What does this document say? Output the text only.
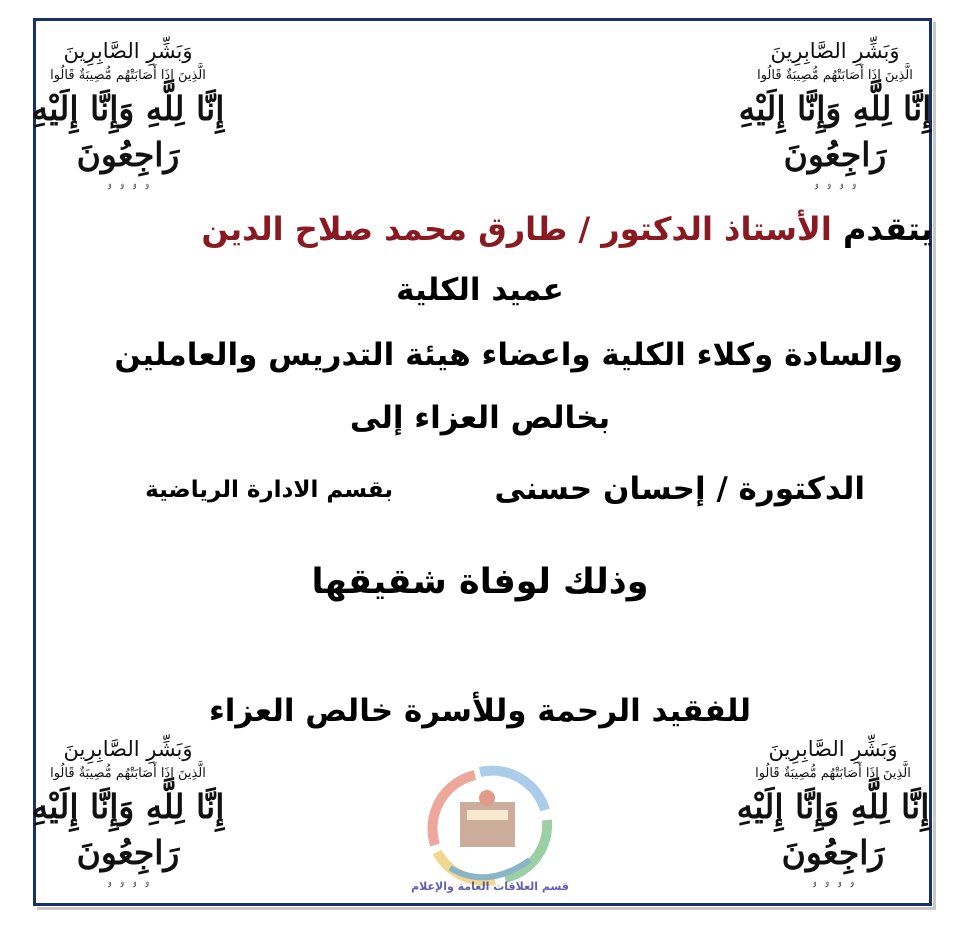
وَبَشِّرِ الصَّابِرِينَ
الَّذِينَ إِذَا أَصَابَتْهُم مُّصِيبَةٌ قَالُوا
إِنَّا لِلَّهِ وَإِنَّا إِلَيْهِ رَاجِعُونَ
ۥ ۥ ۥ ۥ
وَبَشِّرِ الصَّابِرِينَ
الَّذِينَ إِذَا أَصَابَتْهُم مُّصِيبَةٌ قَالُوا
إِنَّا لِلَّهِ وَإِنَّا إِلَيْهِ رَاجِعُونَ
ۥ ۥ ۥ ۥ
وَبَشِّرِ الصَّابِرِينَ
الَّذِينَ إِذَا أَصَابَتْهُم مُّصِيبَةٌ قَالُوا
إِنَّا لِلَّهِ وَإِنَّا إِلَيْهِ رَاجِعُونَ
ۥ ۥ ۥ ۥ
وَبَشِّرِ الصَّابِرِينَ
الَّذِينَ إِذَا أَصَابَتْهُم مُّصِيبَةٌ قَالُوا
إِنَّا لِلَّهِ وَإِنَّا إِلَيْهِ رَاجِعُونَ
ۥ ۥ ۥ ۥ
يتقدم الأستاذ الدكتور / طارق محمد صلاح الدين
عميد الكلية
والسادة وكلاء الكلية واعضاء هيئة التدريس والعاملين
بخالص العزاء إلى
الدكتورة / إحسان حسنى
بقسم الادارة الرياضية
وذلك لوفاة شقيقها
للفقيد الرحمة وللأسرة خالص العزاء
قسم العلاقات العامة والإعلام
